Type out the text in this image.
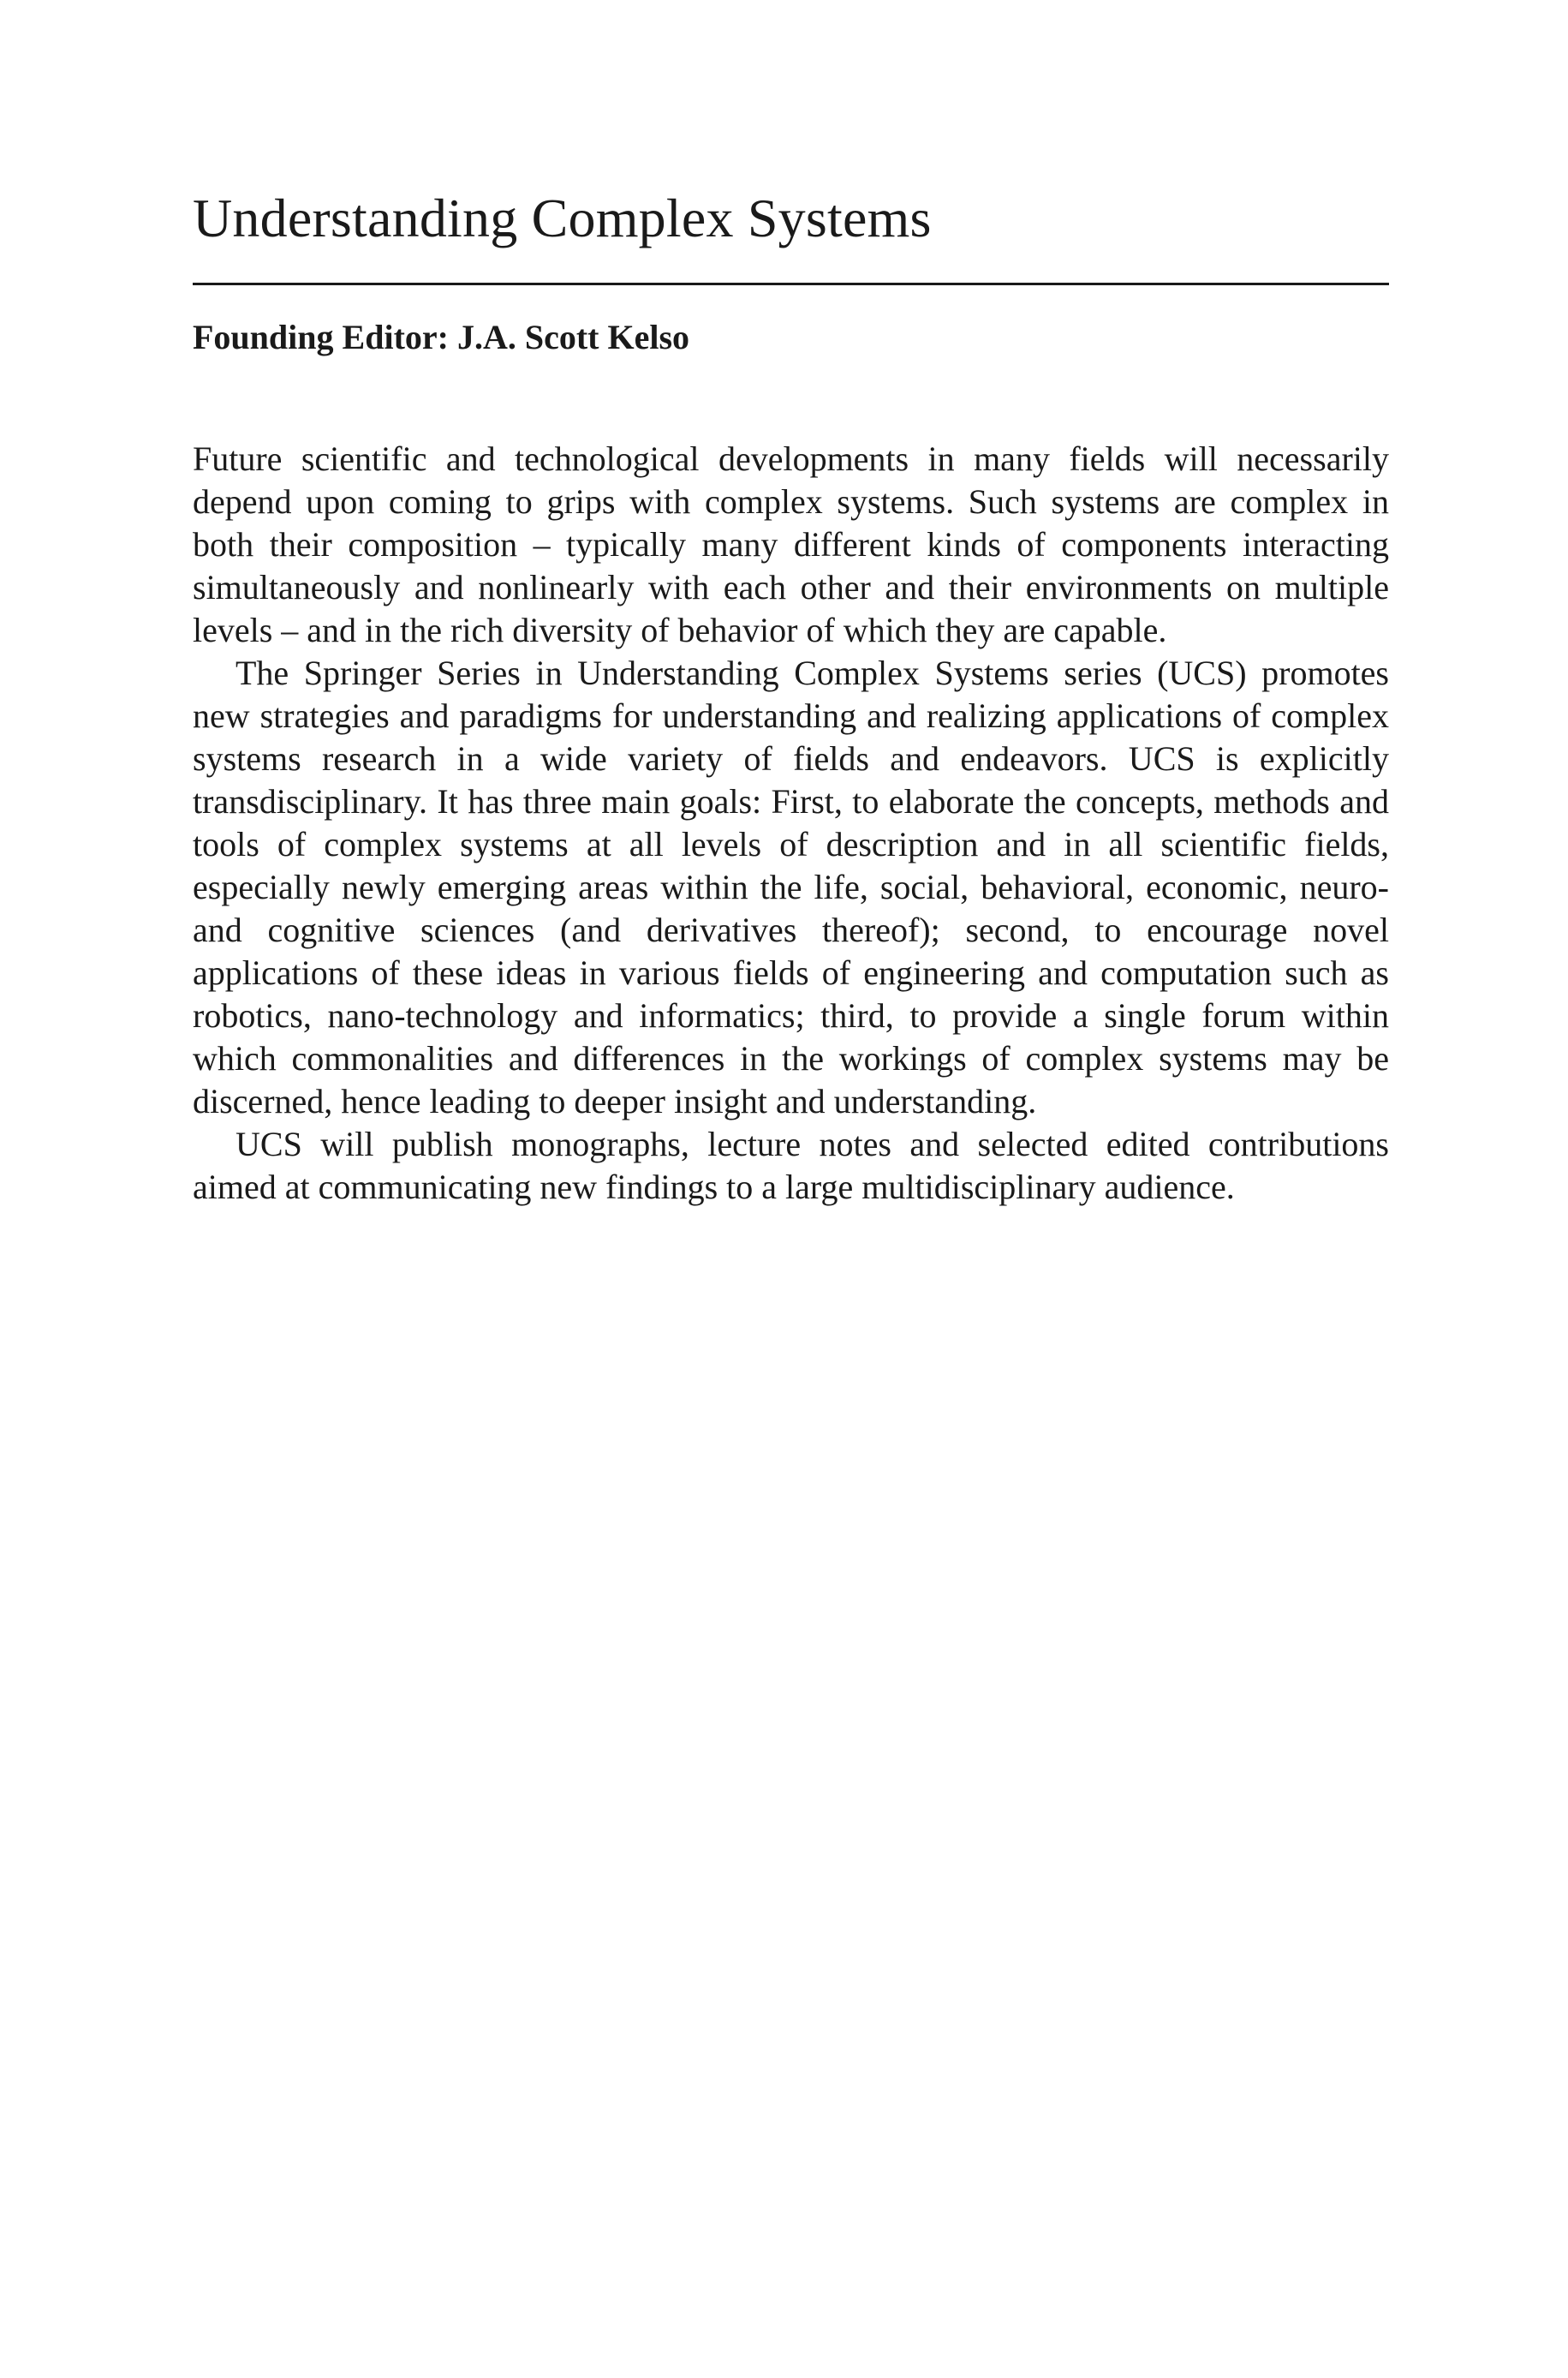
Understanding Complex Systems

Founding Editor: J.A. Scott Kelso

Future scientific and technological developments in many fields will necessarily depend upon coming to grips with complex systems. Such systems are complex in both their composition – typically many different kinds of components interacting simultaneously and nonlinearly with each other and their environments on multiple levels – and in the rich diversity of behavior of which they are capable.

The Springer Series in Understanding Complex Systems series (UCS) promotes new strategies and paradigms for understanding and realizing applications of complex systems research in a wide variety of fields and endeavors. UCS is explicitly transdisciplinary. It has three main goals: First, to elaborate the concepts, methods and tools of complex systems at all levels of description and in all scientific fields, especially newly emerging areas within the life, social, behavioral, economic, neuro- and cognitive sciences (and derivatives thereof); second, to encourage novel applications of these ideas in various fields of engineering and computation such as robotics, nano-technology and informatics; third, to provide a single forum within which commonalities and differences in the workings of complex systems may be discerned, hence leading to deeper insight and understanding.

UCS will publish monographs, lecture notes and selected edited contributions aimed at communicating new findings to a large multidisciplinary audience.
